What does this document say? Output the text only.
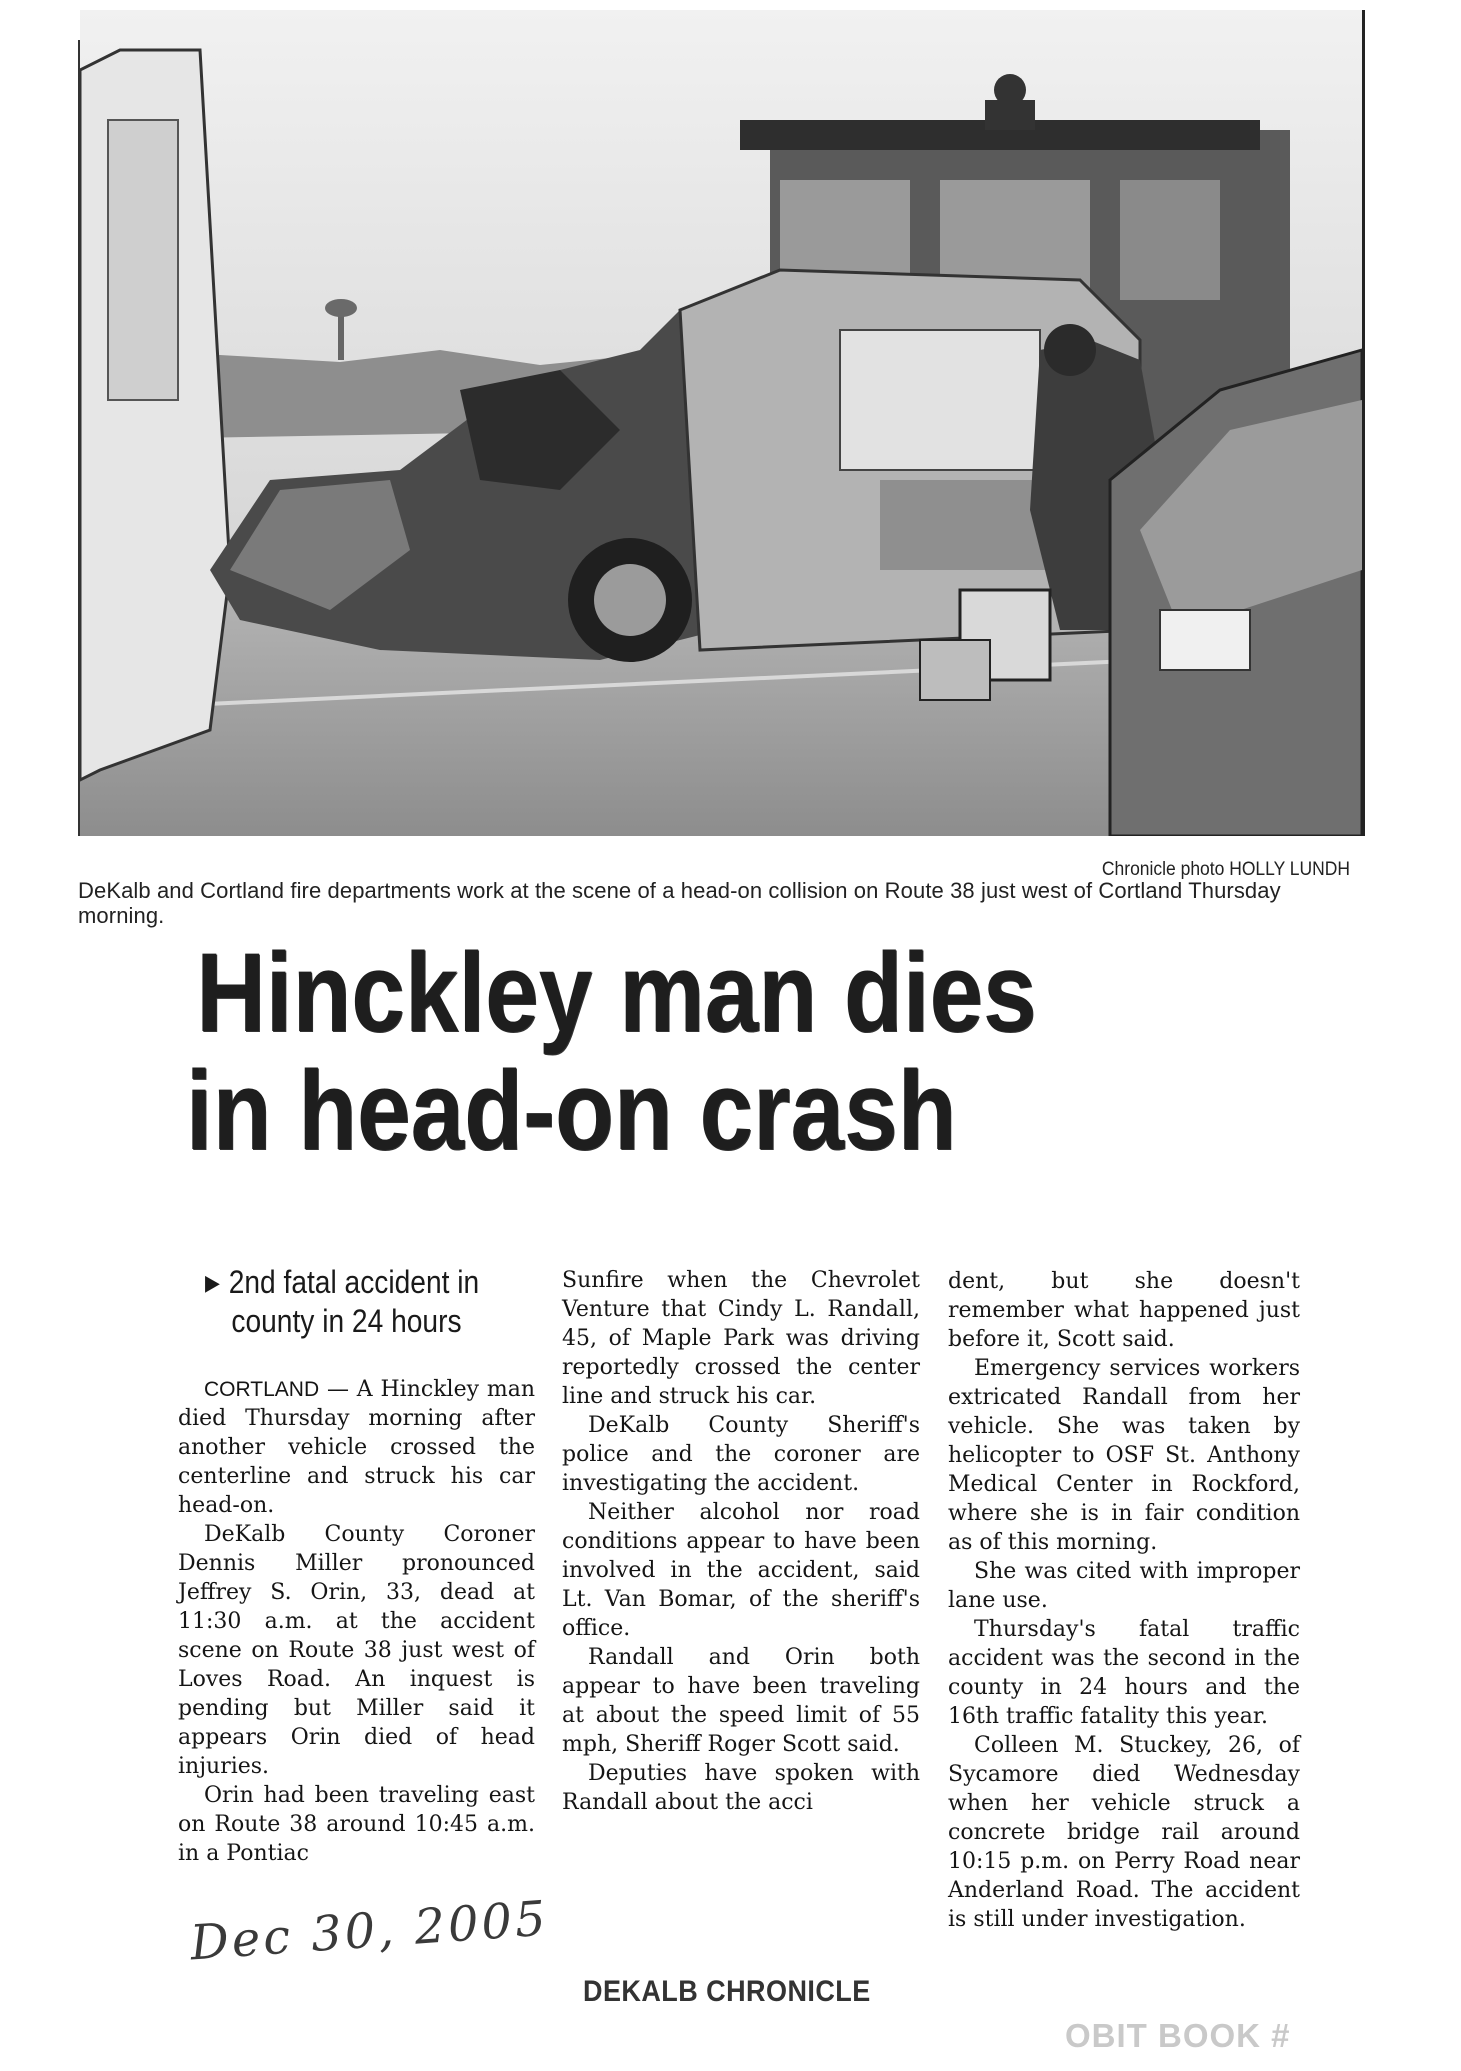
Chronicle photo HOLLY LUNDH
DeKalb and Cortland fire departments work at the scene of a head-on collision on Route 38 just west of Cortland Thursday morning.
Hinckley man dies
in head-on crash
▶ 2nd fatal accident in
county in 24 hours

CORTLAND — A Hinckley man died Thursday morning after another vehicle crossed the centerline and struck his car head-on.

DeKalb County Coroner Dennis Miller pronounced Jeffrey S. Orin, 33, dead at 11:30 a.m. at the accident scene on Route 38 just west of Loves Road. An inquest is pending but Miller said it appears Orin died of head injuries.

Orin had been traveling east on Route 38 around 10:45 a.m. in a Pontiac

Sunfire when the Chevrolet Venture that Cindy L. Randall, 45, of Maple Park was driving reportedly crossed the center line and struck his car.

DeKalb County Sheriff's police and the coroner are investigating the accident.

Neither alcohol nor road conditions appear to have been involved in the accident, said Lt. Van Bomar, of the sheriff's office.

Randall and Orin both appear to have been traveling at about the speed limit of 55 mph, Sheriff Roger Scott said.

Deputies have spoken with Randall about the acci

dent, but she doesn't remember what happened just before it, Scott said.

Emergency services workers extricated Randall from her vehicle. She was taken by helicopter to OSF St. Anthony Medical Center in Rockford, where she is in fair condition as of this morning.

She was cited with improper lane use.

Thursday's fatal traffic accident was the second in the county in 24 hours and the 16th traffic fatality this year.

Colleen M. Stuckey, 26, of Sycamore died Wednesday when her vehicle struck a concrete bridge rail around 10:15 p.m. on Perry Road near Anderland Road. The accident is still under investigation.

Dec 30, 2005
DEKALB CHRONICLE
OBIT BOOK #
